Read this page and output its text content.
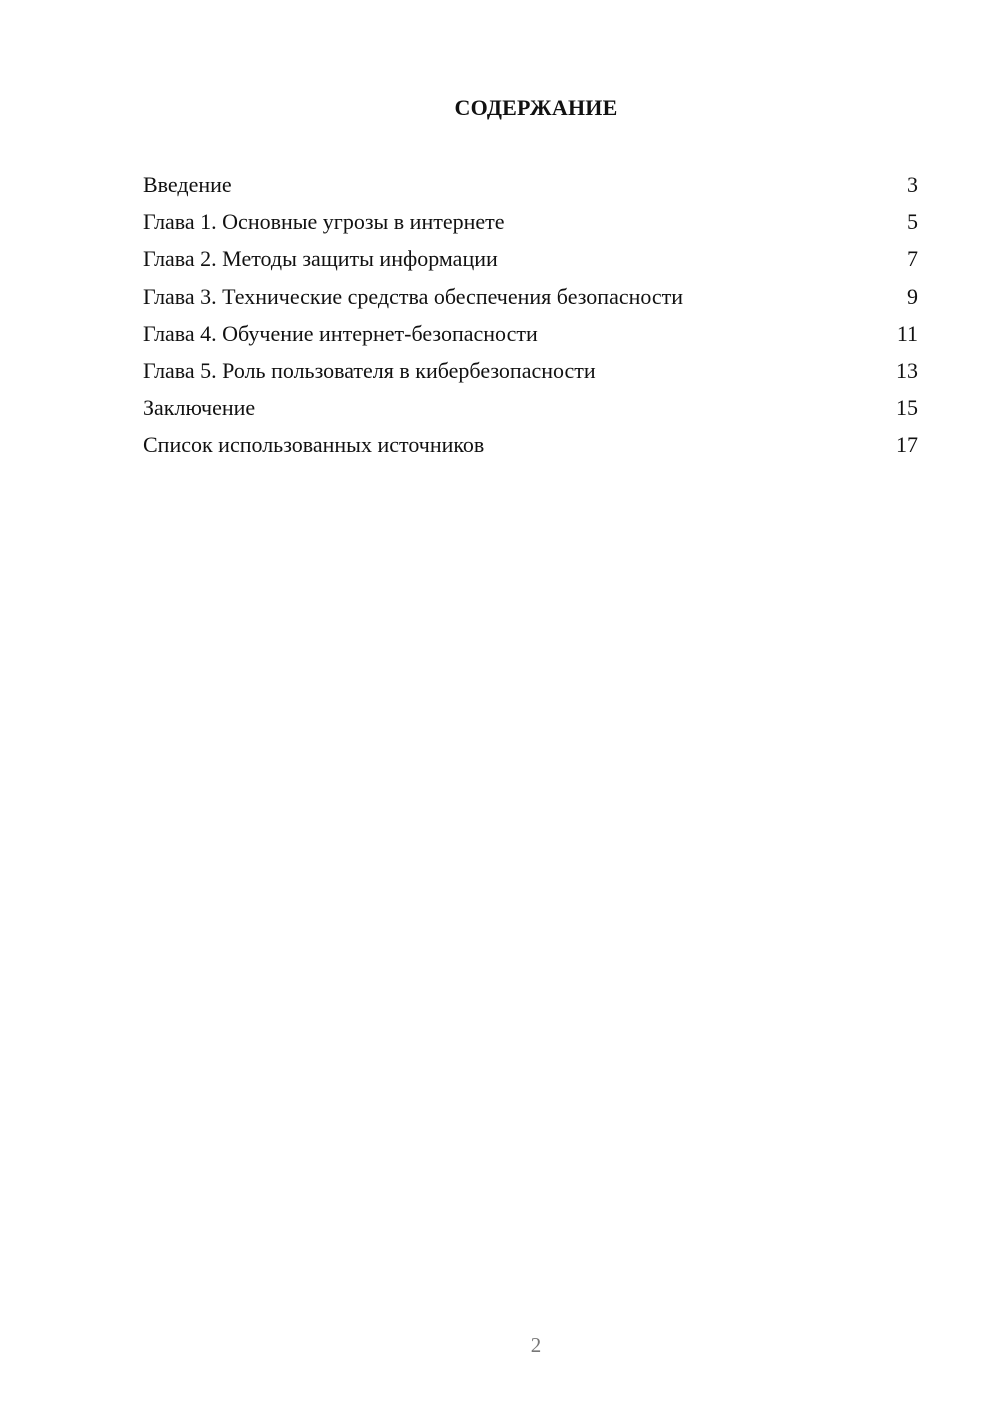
СОДЕРЖАНИЕ
Введение	3
Глава 1. Основные угрозы в интернете	5
Глава 2. Методы защиты информации	7
Глава 3. Технические средства обеспечения безопасности	9
Глава 4. Обучение интернет-безопасности	11
Глава 5. Роль пользователя в кибербезопасности	13
Заключение	15
Список использованных источников	17
2
